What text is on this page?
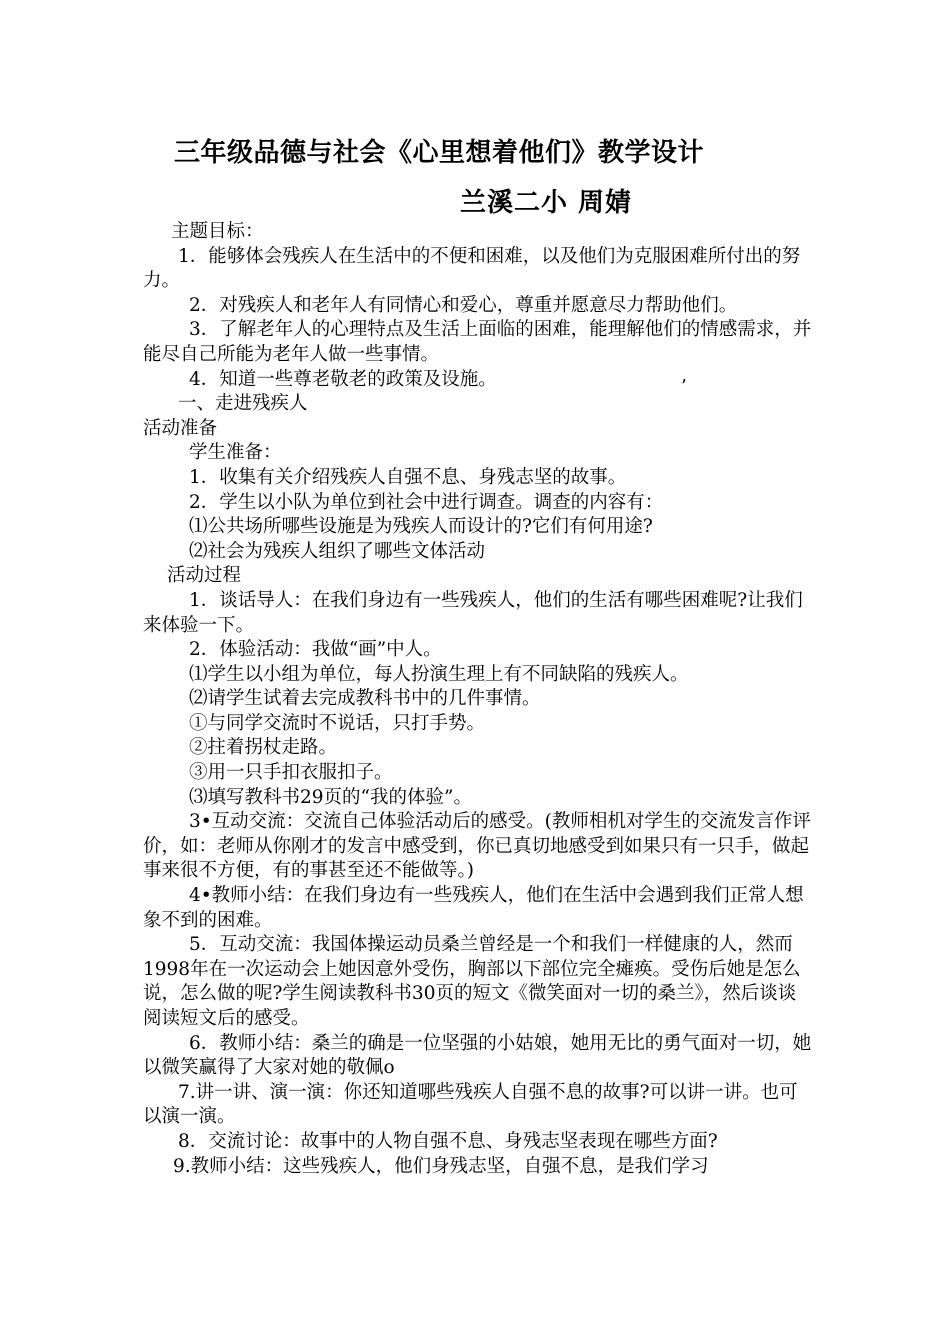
三年级品德与社会《心里想着他们》教学设计
兰溪二小 周婧
’

主题目标：

1．能够体会残疾人在生活中的不便和困难，以及他们为克服困难所付出的努力。

2．对残疾人和老年人有同情心和爱心，尊重并愿意尽力帮助他们。

3．了解老年人的心理特点及生活上面临的困难，能理解他们的情感需求，并能尽自己所能为老年人做一些事情。

4．知道一些尊老敬老的政策及设施。

一、走进残疾人

活动准备

学生准备：

1．收集有关介绍残疾人自强不息、身残志坚的故事。

2．学生以小队为单位到社会中进行调查。调查的内容有：

⑴公共场所哪些设施是为残疾人而设计的?它们有何用途?

⑵社会为残疾人组织了哪些文体活动

活动过程

1．谈话导人：在我们身边有一些残疾人，他们的生活有哪些困难呢?让我们来体验一下。

2．体验活动：我做“画”中人。

⑴学生以小组为单位，每人扮演生理上有不同缺陷的残疾人。

⑵请学生试着去完成教科书中的几件事情。

①与同学交流时不说话，只打手势。

②拄着拐杖走路。

③用一只手扣衣服扣子。

⑶填写教科书29页的“我的体验”。

3•互动交流：交流自己体验活动后的感受。(教师相机对学生的交流发言作评价，如：老师从你刚才的发言中感受到，你已真切地感受到如果只有一只手，做起事来很不方便，有的事甚至还不能做等。)

4•教师小结：在我们身边有一些残疾人，他们在生活中会遇到我们正常人想象不到的困难。

5．互动交流：我国体操运动员桑兰曾经是一个和我们一样健康的人，然而1998年在一次运动会上她因意外受伤，胸部以下部位完全瘫痪。受伤后她是怎么说，怎么做的呢?学生阅读教科书30页的短文《微笑面对一切的桑兰》，然后谈谈阅读短文后的感受。

6．教师小结：桑兰的确是一位坚强的小姑娘，她用无比的勇气面对一切，她以微笑赢得了大家对她的敬佩o

7.讲一讲、演一演：你还知道哪些残疾人自强不息的故事?可以讲一讲。也可以演一演。

8．交流讨论：故事中的人物自强不息、身残志坚表现在哪些方面?

9.教师小结：这些残疾人，他们身残志坚，自强不息，是我们学习
